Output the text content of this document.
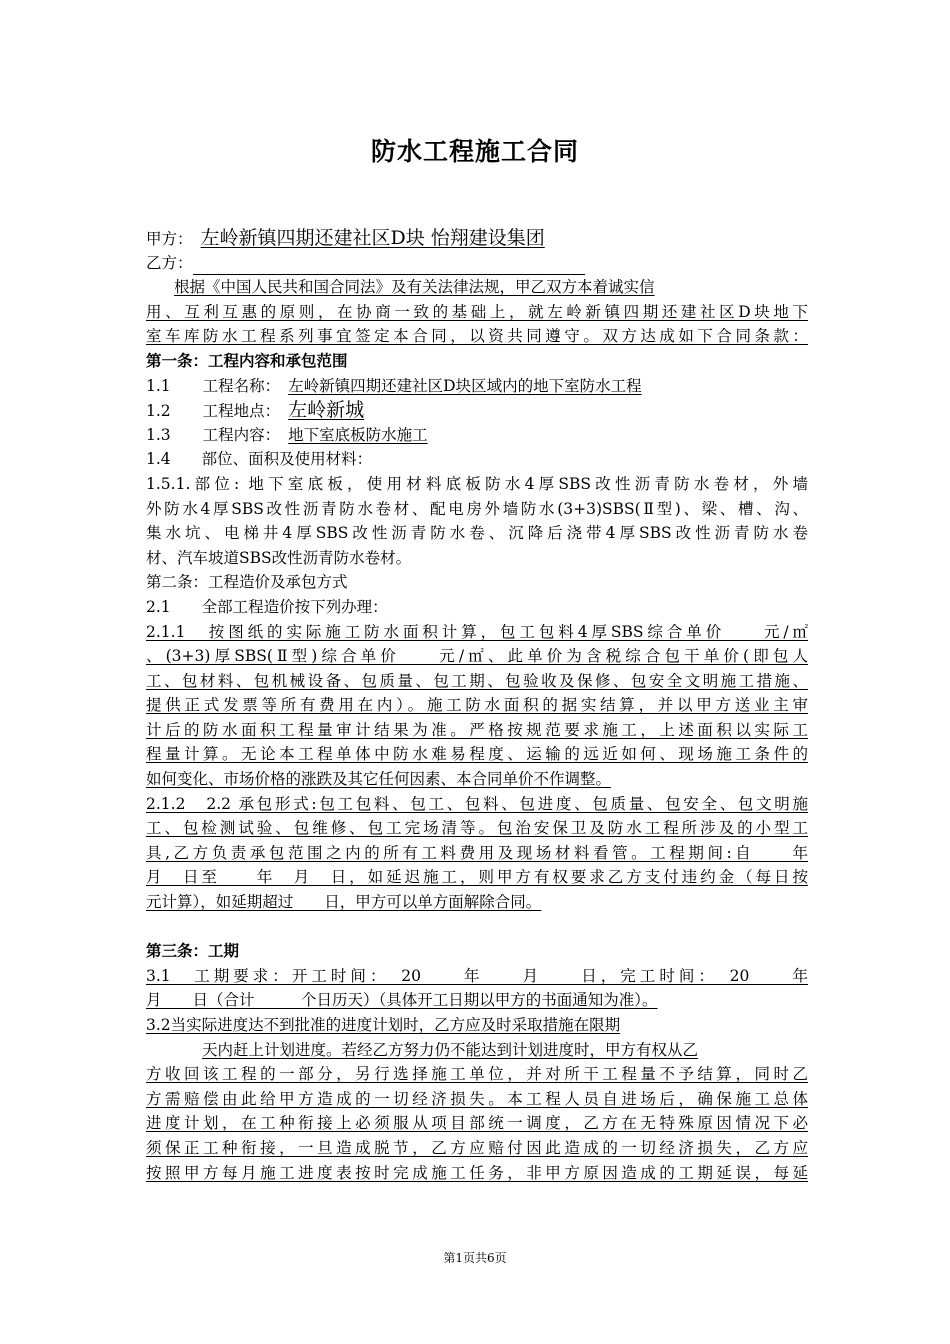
防水工程施工合同
甲方： 左岭新镇四期还建社区D块 怡翔建设集团
乙方：
根据《中国人民共和国合同法》及有关法律法规，甲乙双方本着诚实信
用、互利互惠的原则，在协商一致的基础上，就左岭新镇四期还建社区D块地下
室车库防水工程系列事宜签定本合同，以资共同遵守。双方达成如下合同条款：
第一条：工程内容和承包范围
1.1 工程名称： 左岭新镇四期还建社区D块区域内的地下室防水工程
1.2 工程地点： 左岭新城
1.3 工程内容： 地下室底板防水施工
1.4　　部位、面积及使用材料：
1.5.1.部位: 地下室底板，使用材料底板防水4厚SBS改性沥青防水卷材，外墙
外防水4厚SBS改性沥青防水卷材、配电房外墙防水(3+3)SBS(Ⅱ型)、梁、槽、沟、
集水坑、电梯井4厚SBS改性沥青防水卷、沉降后浇带4厚SBS改性沥青防水卷
材、汽车坡道SBS改性沥青防水卷材。
第二条：工程造价及承包方式
2.1　　全部工程造价按下列办理：
2.1.1　按图纸的实际施工防水面积计算，包工包料4厚SBS综合单价　　元/㎡
、(3+3)厚SBS(Ⅱ型)综合单价　　元/㎡、此单价为含税综合包干单价(即包人
工、包材料、包机械设备、包质量、包工期、包验收及保修、包安全文明施工措施、
提供正式发票等所有费用在内）。施工防水面积的据实结算，并以甲方送业主审
计后的防水面积工程量审计结果为准。严格按规范要求施工，上述面积以实际工
程量计算。无论本工程单体中防水难易程度、运输的远近如何、现场施工条件的
如何变化、市场价格的涨跌及其它任何因素、本合同单价不作调整。
2.1.2　2.2 承包形式:包工包料、包工、包料、包进度、包质量、包安全、包文明施
工、包检测试验、包维修、包工完场清等。包治安保卫及防水工程所涉及的小型工
具,乙方负责承包范围之内的所有工料费用及现场材料看管。工程期间:自　　年
月　日至　　年　月　日，如延迟施工，则甲方有权要求乙方支付违约金（每日按
元计算），如延期超过　　日，甲方可以单方面解除合同。
第三条：工期
3.1　工期要求：开工时间：　20　　年　　月　　日，完工时间：　20　　年
月　　日（合计　　　个日历天）（具体开工日期以甲方的书面通知为准）。
3.2当实际进度达不到批准的进度计划时，乙方应及时采取措施在限期
天内赶上计划进度。若经乙方努力仍不能达到计划进度时，甲方有权从乙
方收回该工程的一部分，另行选择施工单位，并对所干工程量不予结算，同时乙
方需赔偿由此给甲方造成的一切经济损失。本工程人员自进场后，确保施工总体
进度计划，在工种衔接上必须服从项目部统一调度，乙方在无特殊原因情况下必
须保正工种衔接，一旦造成脱节，乙方应赔付因此造成的一切经济损失，乙方应
按照甲方每月施工进度表按时完成施工任务，非甲方原因造成的工期延误，每延
第1页共6页
